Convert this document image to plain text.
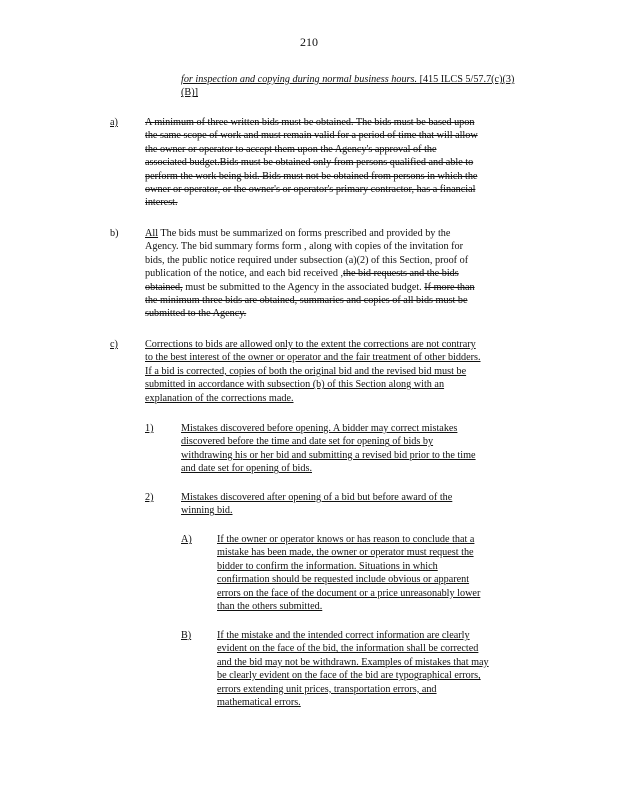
210
for inspection and copying during normal business hours. [415 ILCS 5/57.7(c)(3)(B)]
a)	A minimum of three written bids must be obtained. The bids must be based upon
the same scope of work and must remain valid for a period of time that will allow
the owner or operator to accept them upon the Agency's approval of the
associated budget.Bids must be obtained only from persons qualified and able to
perform the work being bid. Bids must not be obtained from persons in which the
owner or operator, or the owner's or operator's primary contractor, has a financial
interest.
b)	All The bids must be summarized on forms prescribed and provided by the
Agency. The bid summary forms form , along with copies of the invitation for
bids, the public notice required under subsection (a)(2) of this Section, proof of
publication of the notice, and each bid received ,the bid requests and the bids
obtained, must be submitted to the Agency in the associated budget. If more than
the minimum three bids are obtained, summaries and copies of all bids must be
submitted to the Agency.
c)	Corrections to bids are allowed only to the extent the corrections are not contrary
to the best interest of the owner or operator and the fair treatment of other bidders.
If a bid is corrected, copies of both the original bid and the revised bid must be
submitted in accordance with subsection (b) of this Section along with an
explanation of the corrections made.
1)	Mistakes discovered before opening. A bidder may correct mistakes
discovered before the time and date set for opening of bids by
withdrawing his or her bid and submitting a revised bid prior to the time
and date set for opening of bids.
2)	Mistakes discovered after opening of a bid but before award of the
winning bid.
A) If the owner or operator knows or has reason to conclude that a
mistake has been made, the owner or operator must request the
bidder to confirm the information. Situations in which
confirmation should be requested include obvious or apparent
errors on the face of the document or a price unreasonably lower
than the others submitted.
B)	If the mistake and the intended correct information are clearly
evident on the face of the bid, the information shall be corrected
and the bid may not be withdrawn. Examples of mistakes that may
be clearly evident on the face of the bid are typographical errors,
errors extending unit prices, transportation errors, and
mathematical errors.
